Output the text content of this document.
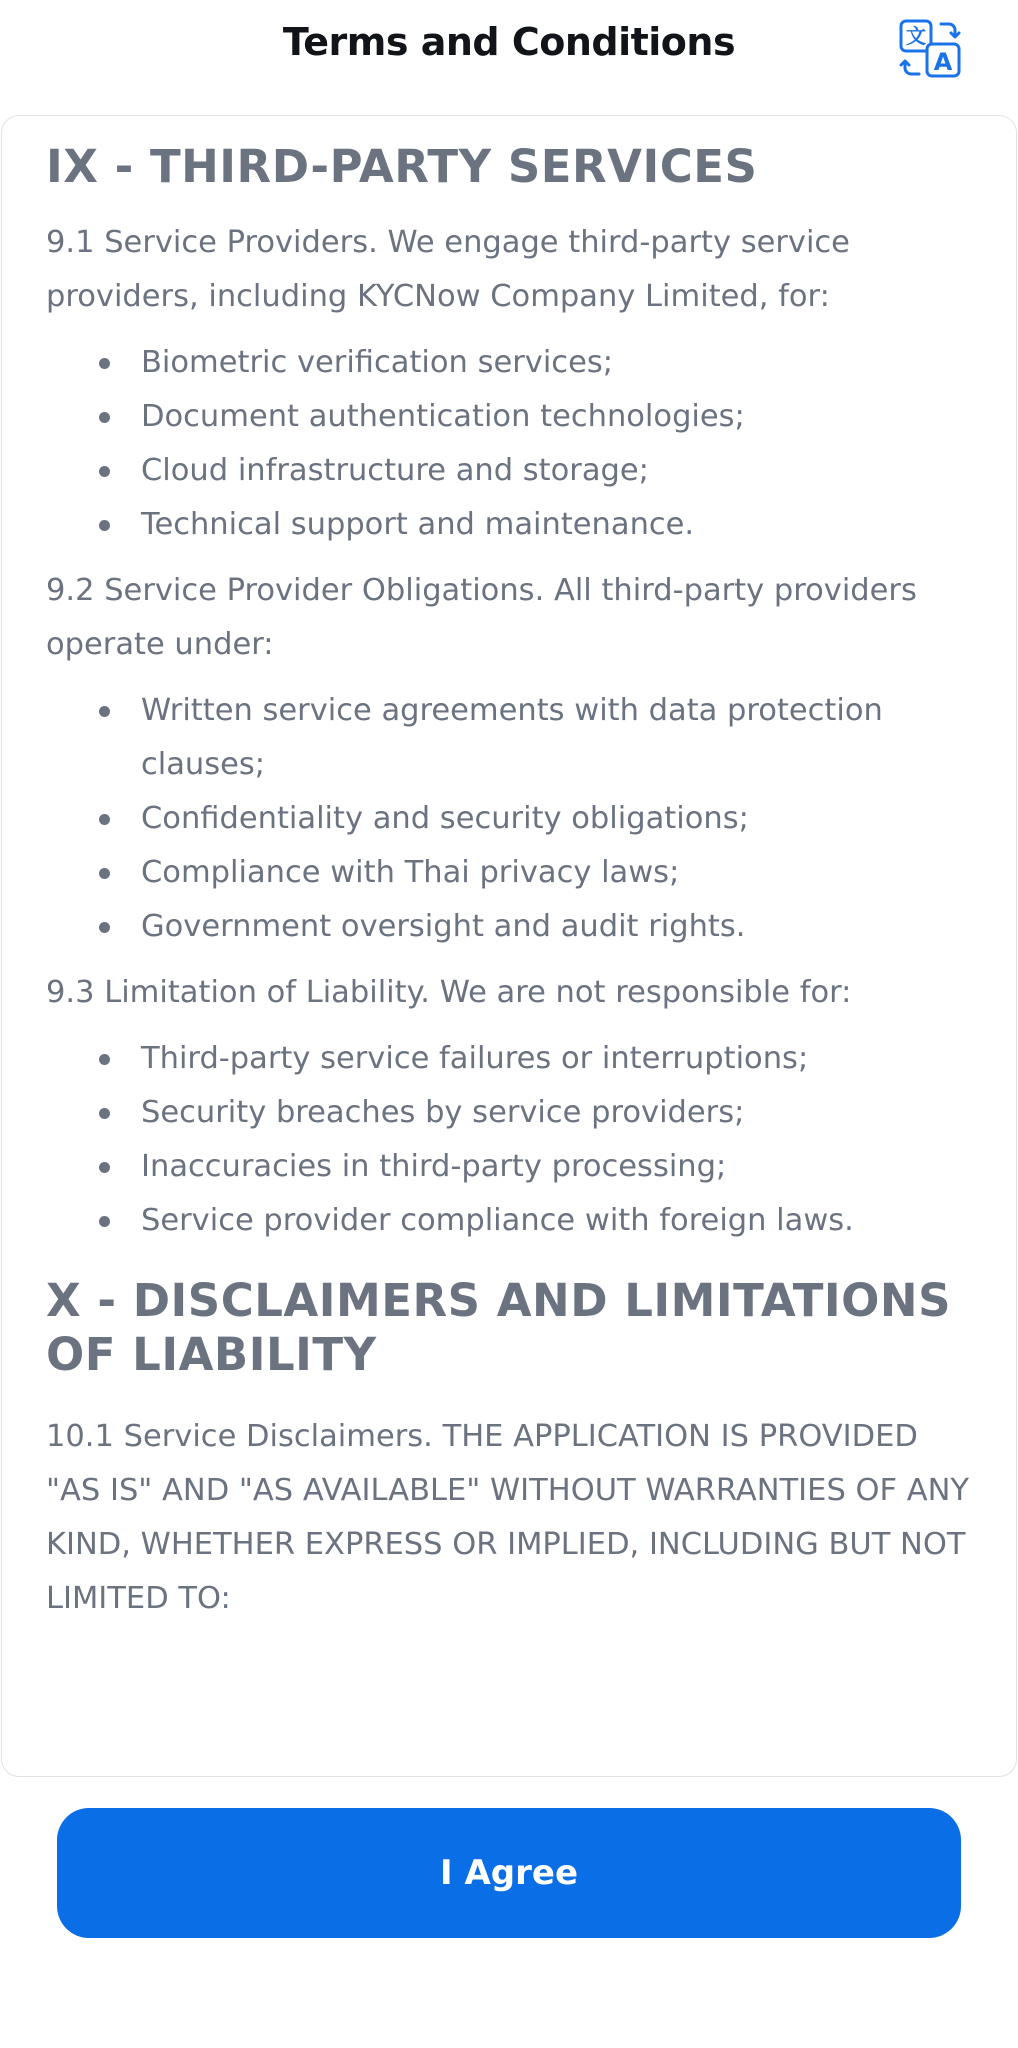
Terms and Conditions	文
A
IX - THIRD-PARTY SERVICES

9.1 Service Providers. We engage third-party service providers, including KYCNow Company Limited, for:

Biometric verification services;
Document authentication technologies;
Cloud infrastructure and storage;
Technical support and maintenance.

9.2 Service Provider Obligations. All third-party providers operate under:

Written service agreements with data protection clauses;
Confidentiality and security obligations;
Compliance with Thai privacy laws;
Government oversight and audit rights.

9.3 Limitation of Liability. We are not responsible for:

Third-party service failures or interruptions;
Security breaches by service providers;
Inaccuracies in third-party processing;
Service provider compliance with foreign laws.
X - DISCLAIMERS AND LIMITATIONS OF LIABILITY

10.1 Service Disclaimers. THE APPLICATION IS PROVIDED "AS IS" AND "AS AVAILABLE" WITHOUT WARRANTIES OF ANY KIND, WHETHER EXPRESS OR IMPLIED, INCLUDING BUT NOT LIMITED TO:

I Agree
